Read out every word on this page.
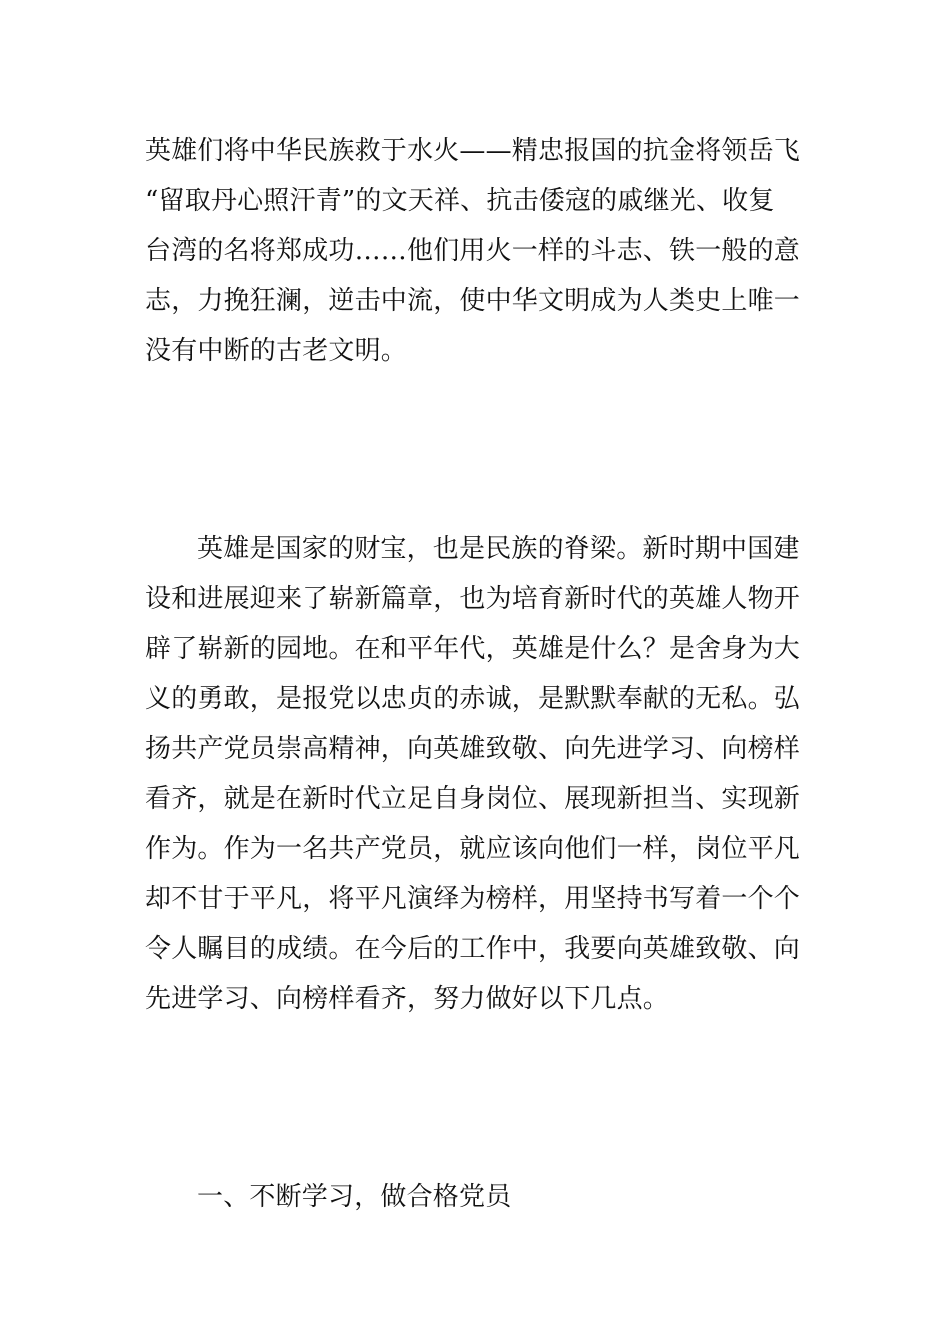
英雄们将中华民族救于水火——精忠报国的抗金将领岳飞
“留取丹心照汗青”的文天祥、抗击倭寇的戚继光、收复
台湾的名将郑成功……他们用火一样的斗志、铁一般的意
志，力挽狂澜，逆击中流，使中华文明成为人类史上唯一
没有中断的古老文明。
英雄是国家的财宝，也是民族的脊梁。新时期中国建
设和进展迎来了崭新篇章，也为培育新时代的英雄人物开
辟了崭新的园地。在和平年代，英雄是什么？是舍身为大
义的勇敢，是报党以忠贞的赤诚，是默默奉献的无私。弘
扬共产党员崇高精神，向英雄致敬、向先进学习、向榜样
看齐，就是在新时代立足自身岗位、展现新担当、实现新
作为。作为一名共产党员，就应该向他们一样，岗位平凡
却不甘于平凡，将平凡演绎为榜样，用坚持书写着一个个
令人瞩目的成绩。在今后的工作中，我要向英雄致敬、向
先进学习、向榜样看齐，努力做好以下几点。
一、不断学习，做合格党员
